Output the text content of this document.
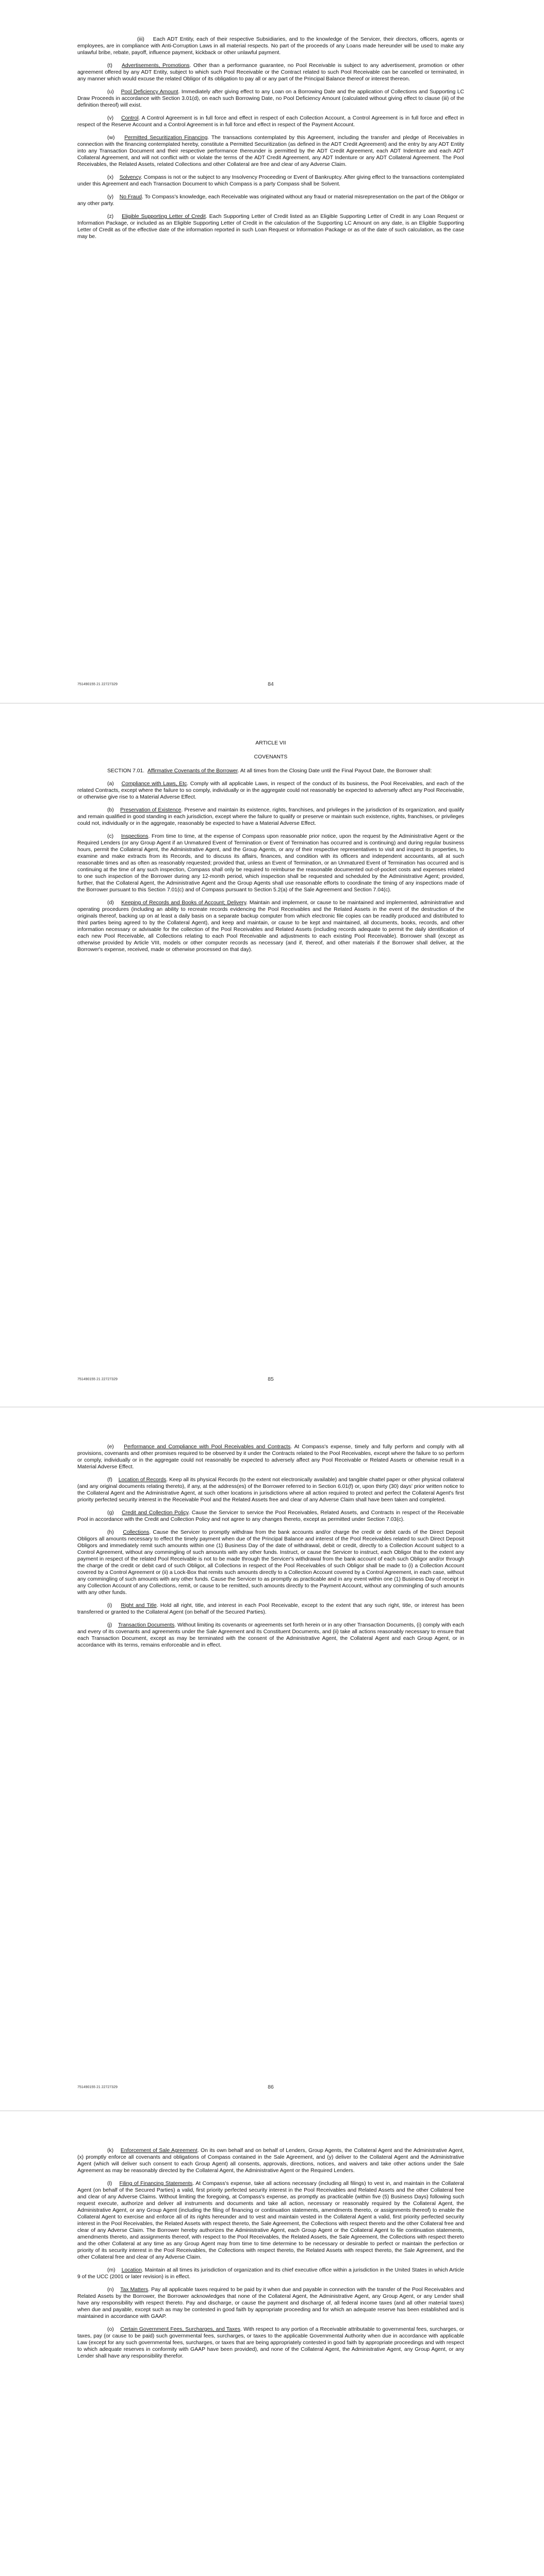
(iii) Each ADT Entity, each of their respective Subsidiaries, and to the knowledge of the Servicer, their directors, officers, agents or employees, are in compliance with Anti-Corruption Laws in all material respects. No part of the proceeds of any Loans made hereunder will be used to make any unlawful bribe, rebate, payoff, influence payment, kickback or other unlawful payment.

(t) Advertisements, Promotions. Other than a performance guarantee, no Pool Receivable is subject to any advertisement, promotion or other agreement offered by any ADT Entity, subject to which such Pool Receivable or the Contract related to such Pool Receivable can be cancelled or terminated, in any manner which would excuse the related Obligor of its obligation to pay all or any part of the Principal Balance thereof or interest thereon.

(u) Pool Deficiency Amount. Immediately after giving effect to any Loan on a Borrowing Date and the application of Collections and Supporting LC Draw Proceeds in accordance with Section 3.01(d), on each such Borrowing Date, no Pool Deficiency Amount (calculated without giving effect to clause (iii) of the definition thereof) will exist.

(v) Control. A Control Agreement is in full force and effect in respect of each Collection Account, a Control Agreement is in full force and effect in respect of the Reserve Account and a Control Agreement is in full force and effect in respect of the Payment Account.

(w) Permitted Securitization Financing. The transactions contemplated by this Agreement, including the transfer and pledge of Receivables in connection with the financing contemplated hereby, constitute a Permitted Securitization (as defined in the ADT Credit Agreement) and the entry by any ADT Entity into any Transaction Document and their respective performance thereunder is permitted by the ADT Credit Agreement, each ADT Indenture and each ADT Collateral Agreement, and will not conflict with or violate the terms of the ADT Credit Agreement, any ADT Indenture or any ADT Collateral Agreement. The Pool Receivables, the Related Assets, related Collections and other Collateral are free and clear of any Adverse Claim.

(x) Solvency. Compass is not or the subject to any Insolvency Proceeding or Event of Bankruptcy. After giving effect to the transactions contemplated under this Agreement and each Transaction Document to which Compass is a party Compass shall be Solvent.

(y) No Fraud. To Compass's knowledge, each Receivable was originated without any fraud or material misrepresentation on the part of the Obligor or any other party.

(z) Eligible Supporting Letter of Credit. Each Supporting Letter of Credit listed as an Eligible Supporting Letter of Credit in any Loan Request or Information Package, or included as an Eligible Supporting Letter of Credit in the calculation of the Supporting LC Amount on any date, is an Eligible Supporting Letter of Credit as of the effective date of the information reported in such Loan Request or Information Package or as of the date of such calculation, as the case may be.

751490155 21 22727329	84

ARTICLE VII

COVENANTS

SECTION 7.01. Affirmative Covenants of the Borrower. At all times from the Closing Date until the Final Payout Date, the Borrower shall:

(a) Compliance with Laws, Etc. Comply with all applicable Laws, in respect of the conduct of its business, the Pool Receivables, and each of the related Contracts, except where the failure to so comply, individually or in the aggregate could not reasonably be expected to adversely affect any Pool Receivable, or otherwise give rise to a Material Adverse Effect.

(b) Preservation of Existence. Preserve and maintain its existence, rights, franchises, and privileges in the jurisdiction of its organization, and qualify and remain qualified in good standing in each jurisdiction, except where the failure to qualify or preserve or maintain such existence, rights, franchises, or privileges could not, individually or in the aggregate, reasonably be expected to have a Material Adverse Effect.

(c) Inspections. From time to time, at the expense of Compass upon reasonable prior notice, upon the request by the Administrative Agent or the Required Lenders (or any Group Agent if an Unmatured Event of Termination or Event of Termination has occurred and is continuing) and during regular business hours, permit the Collateral Agent, the Administrative Agent, and the Group Agents, or any of their respective representatives to visit and inspect its properties, to examine and make extracts from its Records, and to discuss its affairs, finances, and condition with its officers and independent accountants, all at such reasonable times and as often as reasonably requested; provided that, unless an Event of Termination, or an Unmatured Event of Termination has occurred and is continuing at the time of any such inspection, Compass shall only be required to reimburse the reasonable documented out-of-pocket costs and expenses related to one such inspection of the Borrower during any 12-month period, which inspection shall be requested and scheduled by the Administrative Agent; provided, further, that the Collateral Agent, the Administrative Agent and the Group Agents shall use reasonable efforts to coordinate the timing of any inspections made of the Borrower pursuant to this Section 7.01(c) and of Compass pursuant to Section 5.2(a) of the Sale Agreement and Section 7.04(c).

(d) Keeping of Records and Books of Account; Delivery. Maintain and implement, or cause to be maintained and implemented, administrative and operating procedures (including an ability to recreate records evidencing the Pool Receivables and the Related Assets in the event of the destruction of the originals thereof, backing up on at least a daily basis on a separate backup computer from which electronic file copies can be readily produced and distributed to third parties being agreed to by the Collateral Agent), and keep and maintain, or cause to be kept and maintained, all documents, books, records, and other information necessary or advisable for the collection of the Pool Receivables and Related Assets (including records adequate to permit the daily identification of each new Pool Receivable, all Collections relating to each Pool Receivable and adjustments to each existing Pool Receivable). Borrower shall (except as otherwise provided by Article VIII, models or other computer records as necessary (and if, thereof, and other materials if the Borrower shall deliver, at the Borrower's expense, received, made or otherwise processed on that day).

751490155 21 22727329	85

(e) Performance and Compliance with Pool Receivables and Contracts. At Compass's expense, timely and fully perform and comply with all provisions, covenants and other promises required to be observed by it under the Contracts related to the Pool Receivables, except where the failure to so perform or comply, individually or in the aggregate could not reasonably be expected to adversely affect any Pool Receivable or Related Assets or otherwise result in a Material Adverse Effect.

(f) Location of Records. Keep all its physical Records (to the extent not electronically available) and tangible chattel paper or other physical collateral (and any original documents relating thereto), if any, at the address(es) of the Borrower referred to in Section 6.01(f) or, upon thirty (30) days' prior written notice to the Collateral Agent and the Administrative Agent, at such other locations in jurisdictions where all action required to protect and perfect the Collateral Agent's first priority perfected security interest in the Receivable Pool and the Related Assets free and clear of any Adverse Claim shall have been taken and completed.

(g) Credit and Collection Policy. Cause the Servicer to service the Pool Receivables, Related Assets, and Contracts in respect of the Receivable Pool in accordance with the Credit and Collection Policy and not agree to any changes thereto, except as permitted under Section 7.03(c).

(h) Collections. Cause the Servicer to promptly withdraw from the bank accounts and/or charge the credit or debit cards of the Direct Deposit Obligors all amounts necessary to effect the timely payment when due of the Principal Balance and interest of the Pool Receivables related to such Direct Deposit Obligors and immediately remit such amounts within one (1) Business Day of the date of withdrawal, debit or credit, directly to a Collection Account subject to a Control Agreement, without any commingling of such amounts with any other funds. Instruct, or cause the Servicer to instruct, each Obligor that to the extent any payment in respect of the related Pool Receivable is not to be made through the Servicer's withdrawal from the bank account of each such Obligor and/or through the charge of the credit or debit card of such Obligor, all Collections in respect of the Pool Receivables of such Obligor shall be made to (i) a Collection Account covered by a Control Agreement or (ii) a Lock-Box that remits such amounts directly to a Collection Account covered by a Control Agreement, in each case, without any commingling of such amounts with any other funds. Cause the Servicer to as promptly as practicable and in any event within one (1) Business Day of receipt in any Collection Account of any Collections, remit, or cause to be remitted, such amounts directly to the Payment Account, without any commingling of such amounts with any other funds.

(i) Right and Title. Hold all right, title, and interest in each Pool Receivable, except to the extent that any such right, title, or interest has been transferred or granted to the Collateral Agent (on behalf of the Secured Parties).

(j) Transaction Documents. Without limiting its covenants or agreements set forth herein or in any other Transaction Documents, (i) comply with each and every of its covenants and agreements under the Sale Agreement and its Constituent Documents, and (ii) take all actions reasonably necessary to ensure that each Transaction Document, except as may be terminated with the consent of the Administrative Agent, the Collateral Agent and each Group Agent, or in accordance with its terms, remains enforceable and in effect.

751490155 21 22727329	86

(k) Enforcement of Sale Agreement. On its own behalf and on behalf of Lenders, Group Agents, the Collateral Agent and the Administrative Agent, (x) promptly enforce all covenants and obligations of Compass contained in the Sale Agreement, and (y) deliver to the Collateral Agent and the Administrative Agent (which will deliver such consent to each Group Agent) all consents, approvals, directions, notices, and waivers and take other actions under the Sale Agreement as may be reasonably directed by the Collateral Agent, the Administrative Agent or the Required Lenders.

(l) Filing of Financing Statements. At Compass's expense, take all actions necessary (including all filings) to vest in, and maintain in the Collateral Agent (on behalf of the Secured Parties) a valid, first priority perfected security interest in the Pool Receivables and Related Assets and the other Collateral free and clear of any Adverse Claims. Without limiting the foregoing, at Compass's expense, as promptly as practicable (within five (5) Business Days) following such request execute, authorize and deliver all instruments and documents and take all action, necessary or reasonably required by the Collateral Agent, the Administrative Agent, or any Group Agent (including the filing of financing or continuation statements, amendments thereto, or assignments thereof) to enable the Collateral Agent to exercise and enforce all of its rights hereunder and to vest and maintain vested in the Collateral Agent a valid, first priority perfected security interest in the Pool Receivables, the Related Assets with respect thereto, the Sale Agreement, the Collections with respect thereto and the other Collateral free and clear of any Adverse Claim. The Borrower hereby authorizes the Administrative Agent, each Group Agent or the Collateral Agent to file continuation statements, amendments thereto, and assignments thereof, with respect to the Pool Receivables, the Related Assets, the Sale Agreement, the Collections with respect thereto and the other Collateral at any time as any Group Agent may from time to time determine to be necessary or desirable to perfect or maintain the perfection or priority of its security interest in the Pool Receivables, the Collections with respect thereto, the Related Assets with respect thereto, the Sale Agreement, and the other Collateral free and clear of any Adverse Claim.

(m) Location. Maintain at all times its jurisdiction of organization and its chief executive office within a jurisdiction in the United States in which Article 9 of the UCC (2001 or later revision) is in effect.

(n) Tax Matters. Pay all applicable taxes required to be paid by it when due and payable in connection with the transfer of the Pool Receivables and Related Assets by the Borrower, the Borrower acknowledges that none of the Collateral Agent, the Administrative Agent, any Group Agent, or any Lender shall have any responsibility with respect thereto. Pay and discharge, or cause the payment and discharge of, all federal income taxes (and all other material taxes) when due and payable, except such as may be contested in good faith by appropriate proceeding and for which an adequate reserve has been established and is maintained in accordance with GAAP.

(o) Certain Government Fees, Surcharges, and Taxes. With respect to any portion of a Receivable attributable to governmental fees, surcharges, or taxes, pay (or cause to be paid) such governmental fees, surcharges, or taxes to the applicable Governmental Authority when due in accordance with applicable Law (except for any such governmental fees, surcharges, or taxes that are being appropriately contested in good faith by appropriate proceedings and with respect to which adequate reserves in conformity with GAAP have been provided), and none of the Collateral Agent, the Administrative Agent, any Group Agent, or any Lender shall have any responsibility therefor.
